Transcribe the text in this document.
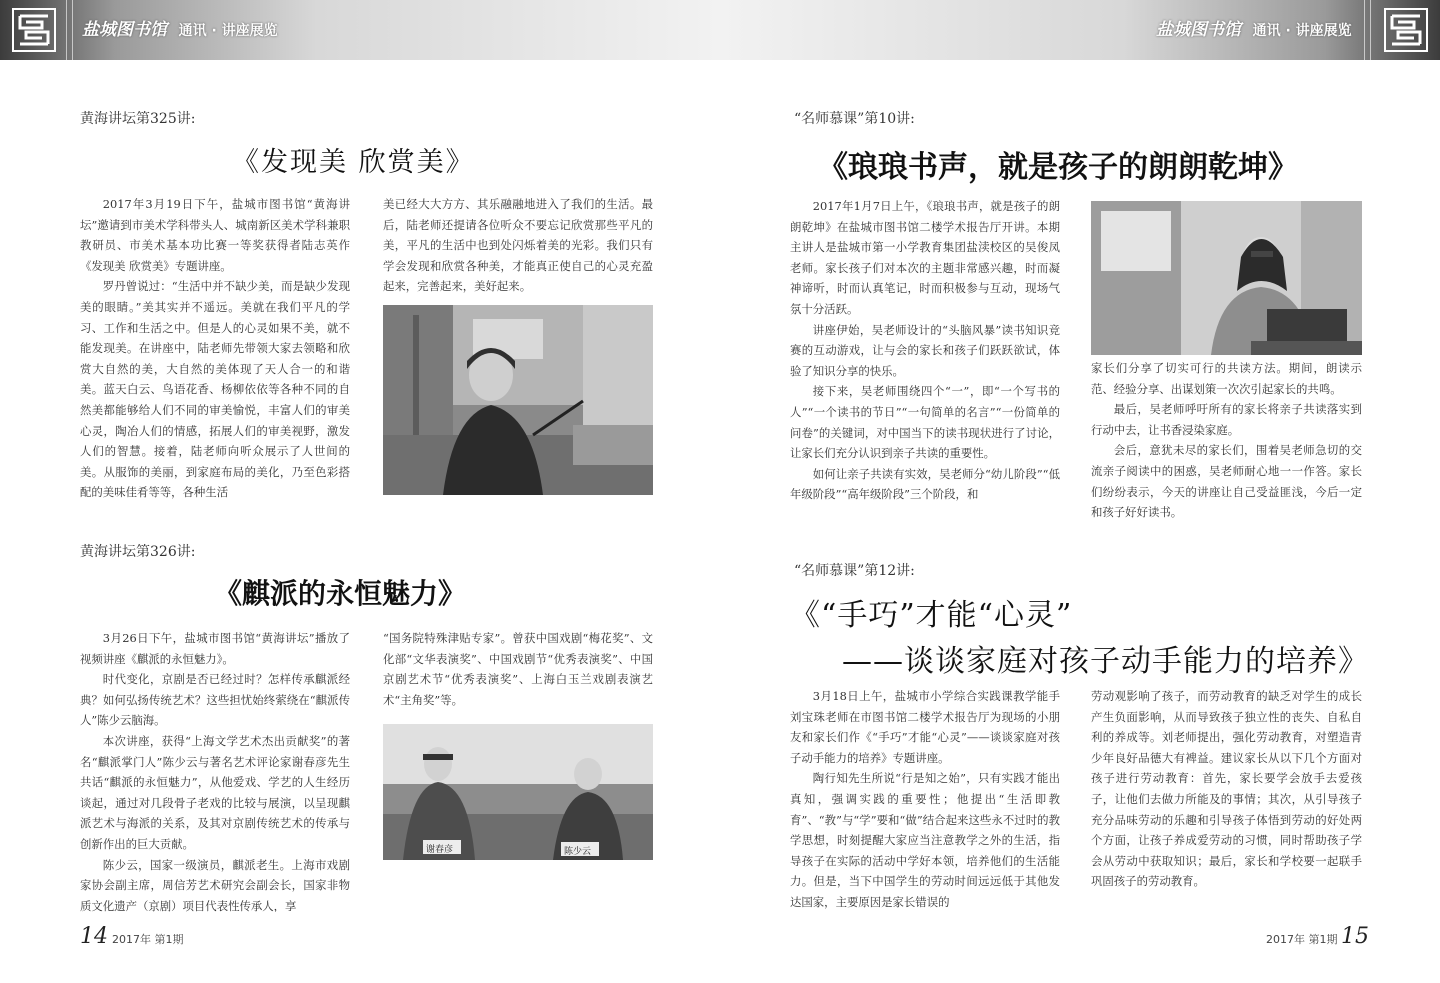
盐城图书馆 通讯 · 讲座展览	盐城图书馆 通讯 · 讲座展览
黄海讲坛第325讲:
《发现美 欣赏美》

2017年3月19日下午，盐城市图书馆“黄海讲坛”邀请到市美术学科带头人、城南新区美术学科兼职教研员、市美术基本功比赛一等奖获得者陆志英作《发现美 欣赏美》专题讲座。

罗丹曾说过：“生活中并不缺少美，而是缺少发现美的眼睛。”美其实并不遥远。美就在我们平凡的学习、工作和生活之中。但是人的心灵如果不美，就不能发现美。在讲座中，陆老师先带领大家去领略和欣赏大自然的美，大自然的美体现了天人合一的和谐美。蓝天白云、鸟语花香、杨柳依依等各种不同的自然美都能够给人们不同的审美愉悦，丰富人们的审美心灵，陶冶人们的情感，拓展人们的审美视野，激发人们的智慧。接着，陆老师向听众展示了人世间的美。从服饰的美丽，到家庭布局的美化，乃至色彩搭配的美味佳肴等等，各种生活

美已经大大方方、其乐融融地进入了我们的生活。最后，陆老师还提请各位听众不要忘记欣赏那些平凡的美，平凡的生活中也到处闪烁着美的光彩。我们只有学会发现和欣赏各种美，才能真正使自己的心灵充盈起来，完善起来，美好起来。

黄海讲坛第326讲:
《麒派的永恒魅力》

3月26日下午，盐城市图书馆“黄海讲坛”播放了视频讲座《麒派的永恒魅力》。

时代变化，京剧是否已经过时？怎样传承麒派经典？如何弘扬传统艺术？这些担忧始终萦绕在“麒派传人”陈少云脑海。

本次讲座，获得“上海文学艺术杰出贡献奖”的著名“麒派掌门人”陈少云与著名艺术评论家谢春彦先生共话“麒派的永恒魅力”，从他爱戏、学艺的人生经历谈起，通过对几段骨子老戏的比较与展演，以呈现麒派艺术与海派的关系，及其对京剧传统艺术的传承与创新作出的巨大贡献。

陈少云，国家一级演员，麒派老生。上海市戏剧家协会副主席，周信芳艺术研究会副会长，国家非物质文化遗产（京剧）项目代表性传承人，享

“国务院特殊津贴专家”。曾获中国戏剧“梅花奖”、文化部“文华表演奖”、中国戏剧节“优秀表演奖”、中国京剧艺术节“优秀表演奖”、上海白玉兰戏剧表演艺术“主角奖”等。

谢春彦	陈少云
14 2017年 第1期
“名师慕课”第10讲:
《琅琅书声，就是孩子的朗朗乾坤》

2017年1月7日上午，《琅琅书声，就是孩子的朗朗乾坤》在盐城市图书馆二楼学术报告厅开讲。本期主讲人是盐城市第一小学教育集团盐渎校区的吴俊凤老师。家长孩子们对本次的主题非常感兴趣，时而凝神谛听，时而认真笔记，时而积极参与互动，现场气氛十分活跃。

讲座伊始，吴老师设计的“头脑风暴”读书知识竞赛的互动游戏，让与会的家长和孩子们跃跃欲试，体验了知识分享的快乐。

接下来，吴老师围绕四个“一”，即“一个写书的人”“一个读书的节日”“一句简单的名言”“一份简单的问卷”的关键词，对中国当下的读书现状进行了讨论，让家长们充分认识到亲子共读的重要性。

如何让亲子共读有实效，吴老师分“幼儿阶段”“低年级阶段”“高年级阶段”三个阶段，和

家长们分享了切实可行的共读方法。期间，朗读示范、经验分享、出谋划策一次次引起家长的共鸣。

最后，吴老师呼吁所有的家长将亲子共读落实到行动中去，让书香浸染家庭。

会后，意犹未尽的家长们，围着吴老师急切的交流亲子阅读中的困惑，吴老师耐心地一一作答。家长们纷纷表示，今天的讲座让自己受益匪浅，今后一定和孩子好好读书。

“名师慕课”第12讲:
《“手巧”才能“心灵”
——谈谈家庭对孩子动手能力的培养》

3月18日上午，盐城市小学综合实践课教学能手刘宝珠老师在市图书馆二楼学术报告厅为现场的小朋友和家长们作《“手巧”才能“心灵”——谈谈家庭对孩子动手能力的培养》专题讲座。

陶行知先生所说“行是知之始”，只有实践才能出真知，强调实践的重要性；他提出“生活即教育”、“教”与“学”要和“做”结合起来这些永不过时的教学思想，时刻提醒大家应当注意教学之外的生活，指导孩子在实际的活动中学好本领，培养他们的生活能力。但是，当下中国学生的劳动时间远远低于其他发达国家，主要原因是家长错误的

劳动观影响了孩子，而劳动教育的缺乏对学生的成长产生负面影响，从而导致孩子独立性的丧失、自私自利的养成等。刘老师提出，强化劳动教育，对塑造青少年良好品德大有裨益。建议家长从以下几个方面对孩子进行劳动教育：首先，家长要学会放手去爱孩子，让他们去做力所能及的事情；其次，从引导孩子充分品味劳动的乐趣和引导孩子体悟到劳动的好处两个方面，让孩子养成爱劳动的习惯，同时帮助孩子学会从劳动中获取知识；最后，家长和学校要一起联手巩固孩子的劳动教育。

2017年 第1期 15
